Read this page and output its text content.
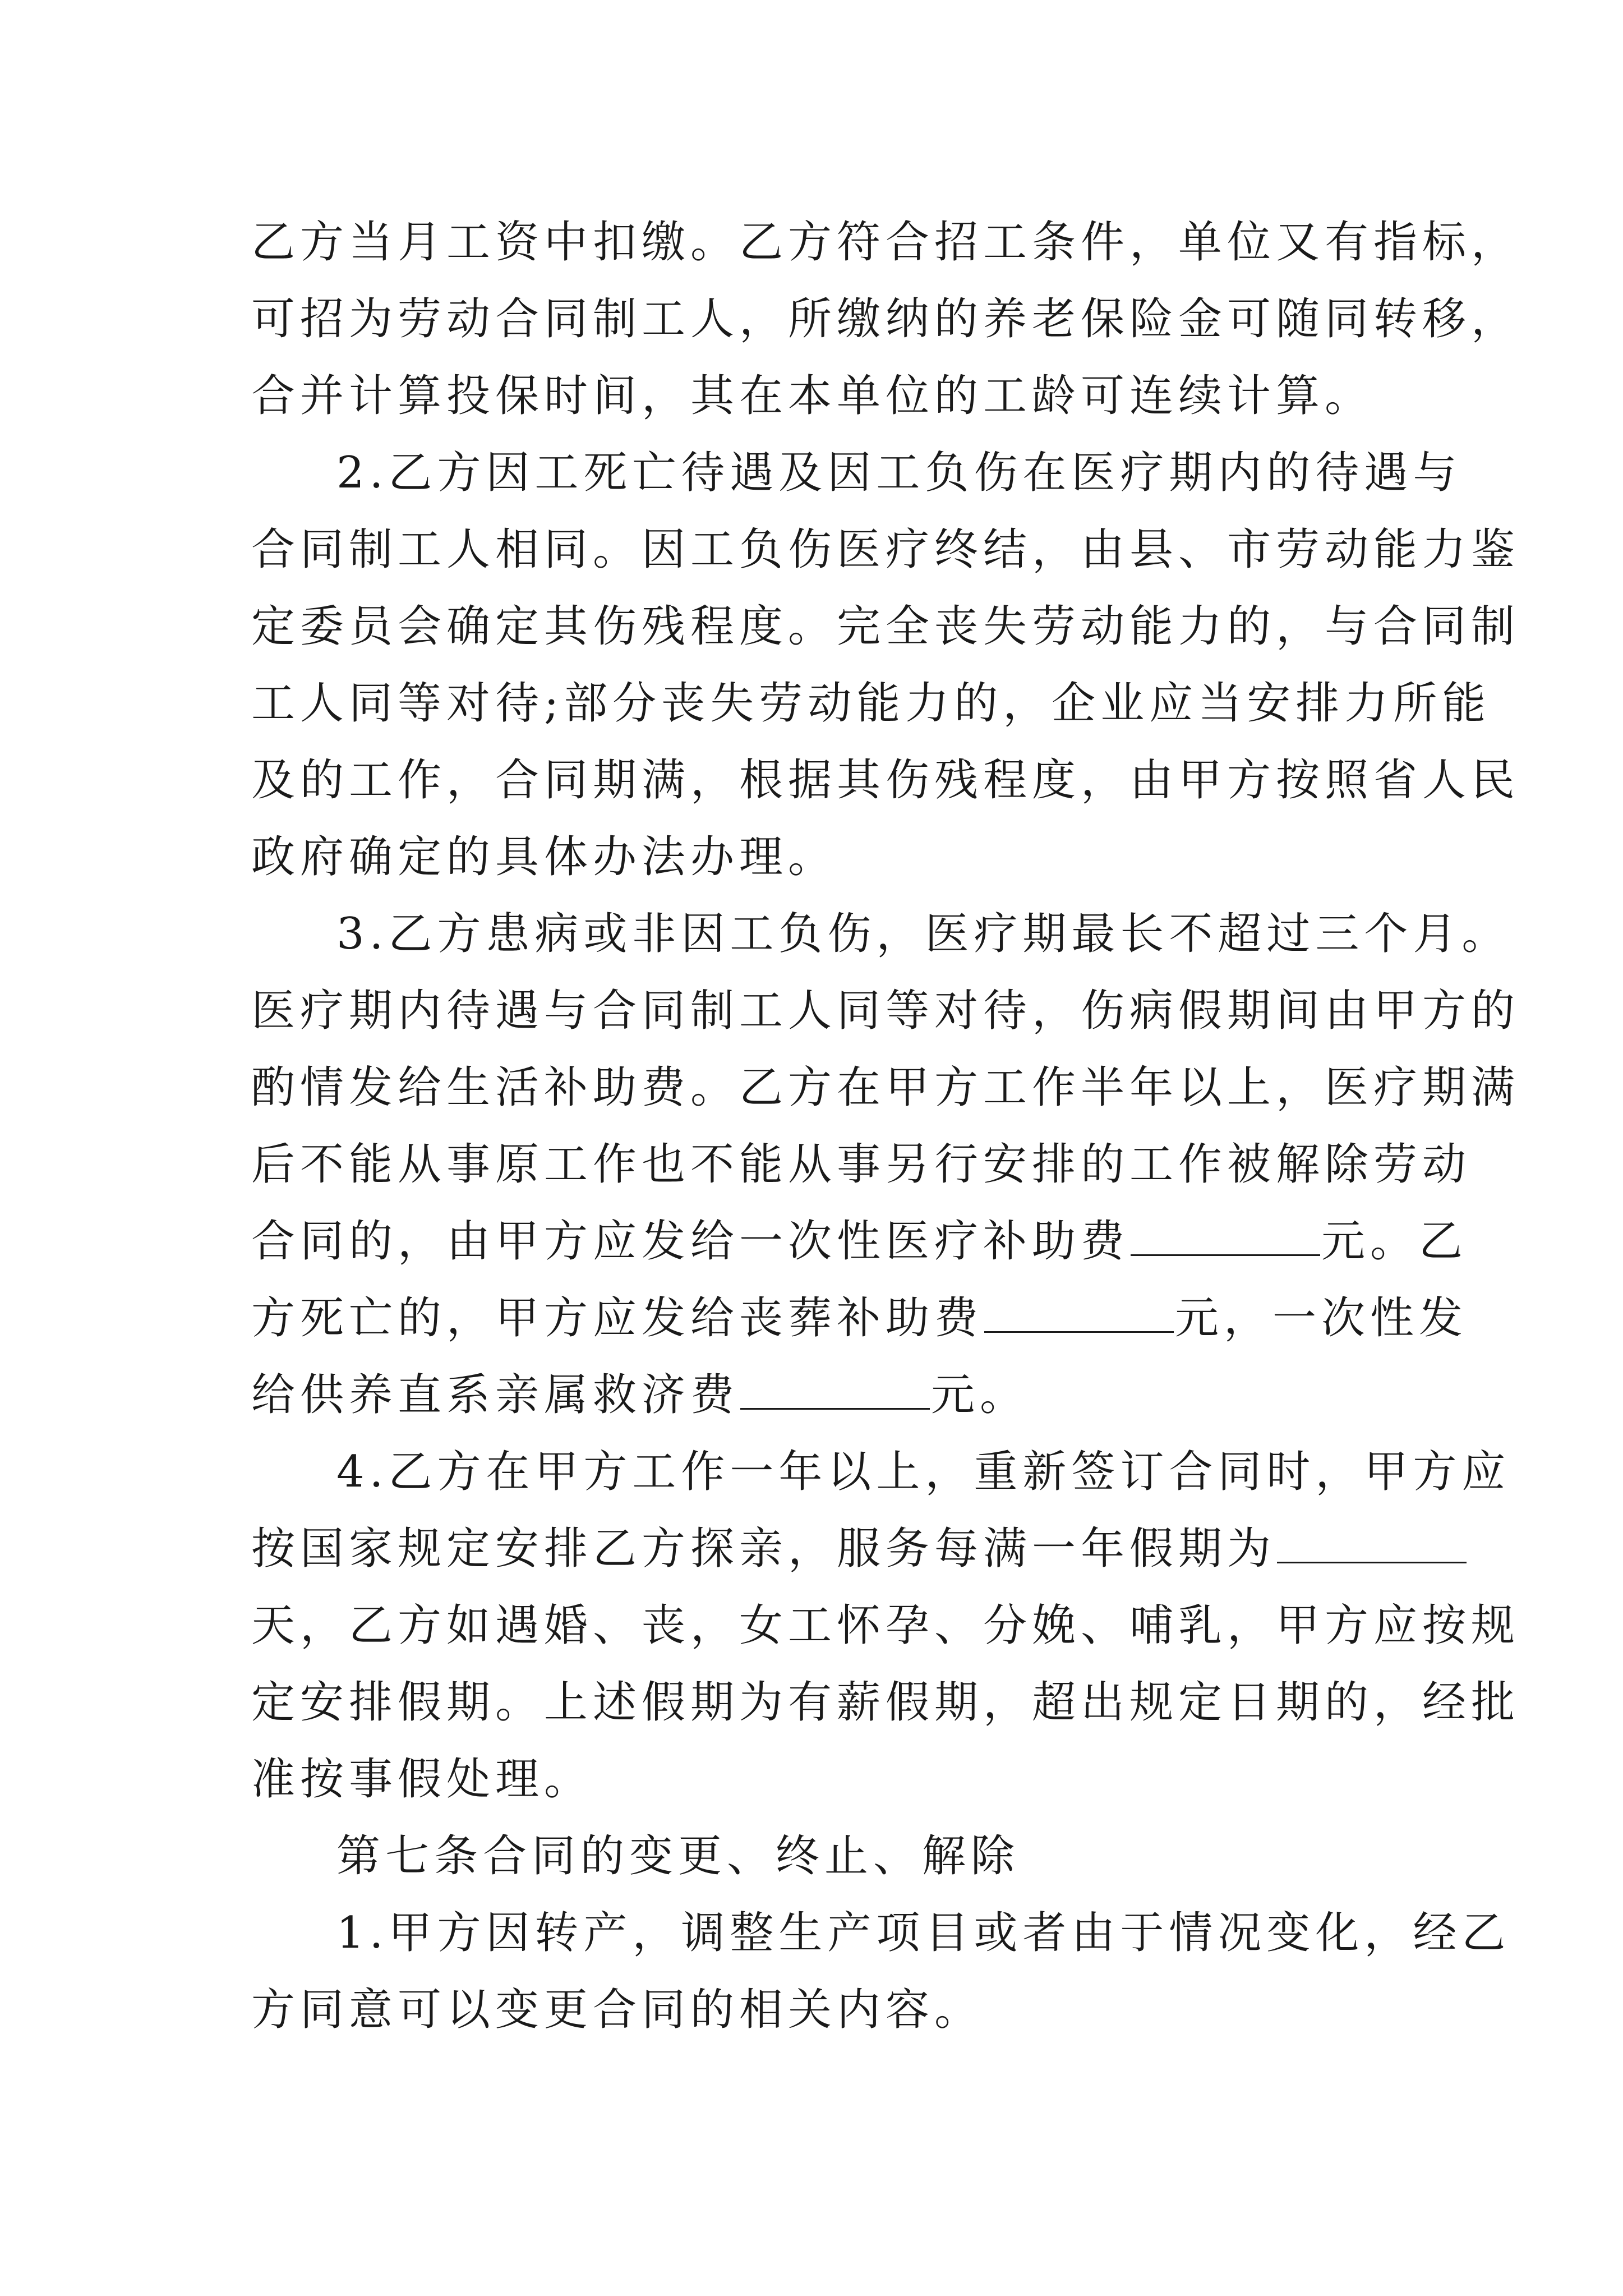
乙方当月工资中扣缴。乙方符合招工条件，单位又有指标，

可招为劳动合同制工人，所缴纳的养老保险金可随同转移，

合并计算投保时间，其在本单位的工龄可连续计算。

2.乙方因工死亡待遇及因工负伤在医疗期内的待遇与

合同制工人相同。因工负伤医疗终结，由县、市劳动能力鉴

定委员会确定其伤残程度。完全丧失劳动能力的，与合同制

工人同等对待;部分丧失劳动能力的，企业应当安排力所能

及的工作，合同期满，根据其伤残程度，由甲方按照省人民

政府确定的具体办法办理。

3.乙方患病或非因工负伤，医疗期最长不超过三个月。

医疗期内待遇与合同制工人同等对待，伤病假期间由甲方的

酌情发给生活补助费。乙方在甲方工作半年以上，医疗期满

后不能从事原工作也不能从事另行安排的工作被解除劳动

合同的，由甲方应发给一次性医疗补助费	元。乙

方死亡的，甲方应发给丧葬补助费	元，一次性发

给供养直系亲属救济费	元。

4.乙方在甲方工作一年以上，重新签订合同时，甲方应

按国家规定安排乙方探亲，服务每满一年假期为

天，乙方如遇婚、丧，女工怀孕、分娩、哺乳，甲方应按规

定安排假期。上述假期为有薪假期，超出规定日期的，经批

准按事假处理。

第七条合同的变更、终止、解除

1.甲方因转产，调整生产项目或者由于情况变化，经乙

方同意可以变更合同的相关内容。
